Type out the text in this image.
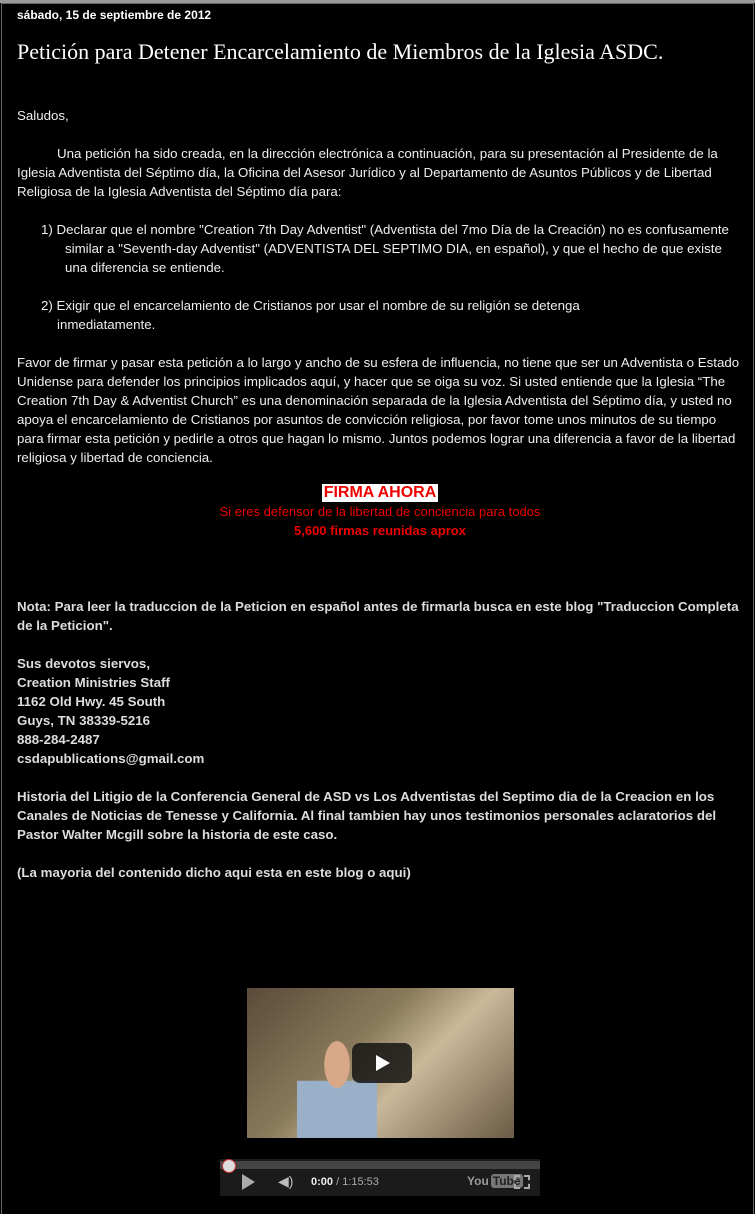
sábado, 15 de septiembre de 2012
Petición para Detener Encarcelamiento de Miembros de la Iglesia ASDC.

Saludos,

Una petición ha sido creada, en la dirección electrónica a continuación, para su presentación al Presidente de la Iglesia Adventista del Séptimo día, la Oficina del Asesor Jurídico y al Departamento de Asuntos Públicos y de Libertad Religiosa de la Iglesia Adventista del Séptimo día para:

1) Declarar que el nombre "Creation 7th Day Adventist" (Adventista del 7mo Día de la Creación) no es confusamente similar a "Seventh-day Adventist" (ADVENTISTA DEL SEPTIMO DIA, en español), y que el hecho de que existe una diferencia se entiende.

2) Exigir que el encarcelamiento de Cristianos por usar el nombre de su religión se detenga inmediatamente.

Favor de firmar y pasar esta petición a lo largo y ancho de su esfera de influencia, no tiene que ser un Adventista o Estado Unidense para defender los principios implicados aquí, y hacer que se oiga su voz. Si usted entiende que la Iglesia “The Creation 7th Day & Adventist Church” es una denominación separada de la Iglesia Adventista del Séptimo día, y usted no apoya el encarcelamiento de Cristianos por asuntos de convicción religiosa, por favor tome unos minutos de su tiempo para firmar esta petición y pedirle a otros que hagan lo mismo. Juntos podemos lograr una diferencia a favor de la libertad religiosa y libertad de conciencia.

FIRMA AHORA
Si eres defensor de la libertad de conciencia para todos
5,600 firmas reunidas aprox

Nota: Para leer la traduccion de la Peticion en español antes de firmarla busca en este blog "Traduccion Completa de la Peticion".

Sus devotos siervos,
Creation Ministries Staff
1162 Old Hwy. 45 South
Guys, TN 38339-5216
888-284-2487
csdapublications@gmail.com

Historia del Litigio de la Conferencia General de ASD vs Los Adventistas del Septimo dia de la Creacion en los Canales de Noticias de Tenesse y California. Al final tambien hay unos testimonios personales aclaratorios del Pastor Walter Mcgill sobre la historia de este caso.

(La mayoria del contenido dicho aqui esta en este blog o aqui)

◀) 0:00 / 1:15:53	You Tube
